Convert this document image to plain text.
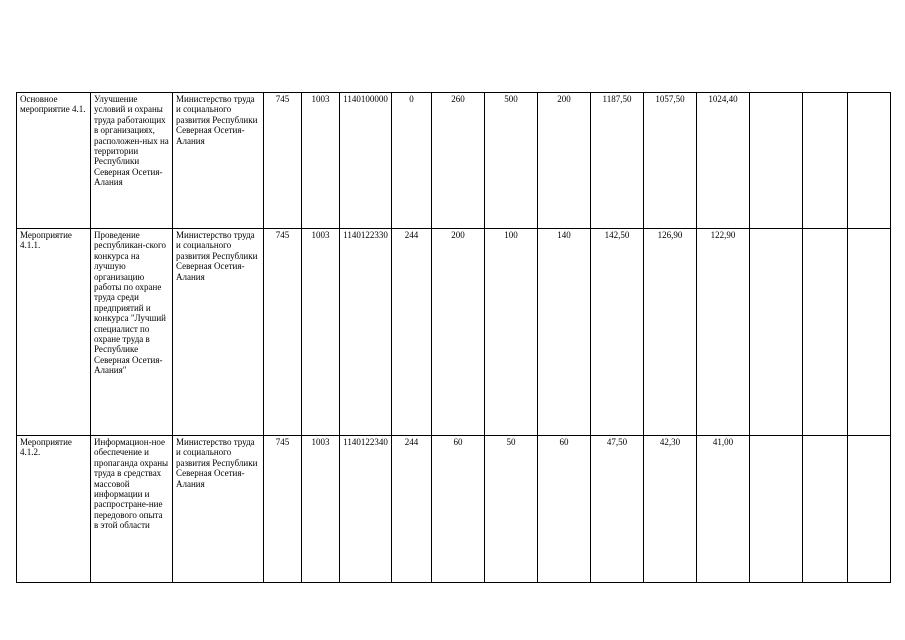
Основное мероприятие 4.1.	Улучшение условий и охраны труда работающих в организациях, расположен-ных на территории Республики Северная Осетия-Алания	Министерство труда и социального развития Республики Северная Осетия-Алания	745	1003	1140100000	0	260	500	200	1187,50	1057,50	1024,40			
Мероприятие 4.1.1.	Проведение республикан-ского конкурса на лучшую организацию работы по охране труда среди предприятий и конкурса "Лучший специалист по охране труда в Республике Северная Осетия-Алания"	Министерство труда и социального развития Республики Северная Осетия-Алания	745	1003	1140122330	244	200	100	140	142,50	126,90	122,90			
Мероприятие 4.1.2.	Информацион-ное обеспечение и пропаганда охраны труда в средствах массовой информации и распростране-ние передового опыта в этой области	Министерство труда и социального развития Республики Северная Осетия-Алания	745	1003	1140122340	244	60	50	60	47,50	42,30	41,00			
